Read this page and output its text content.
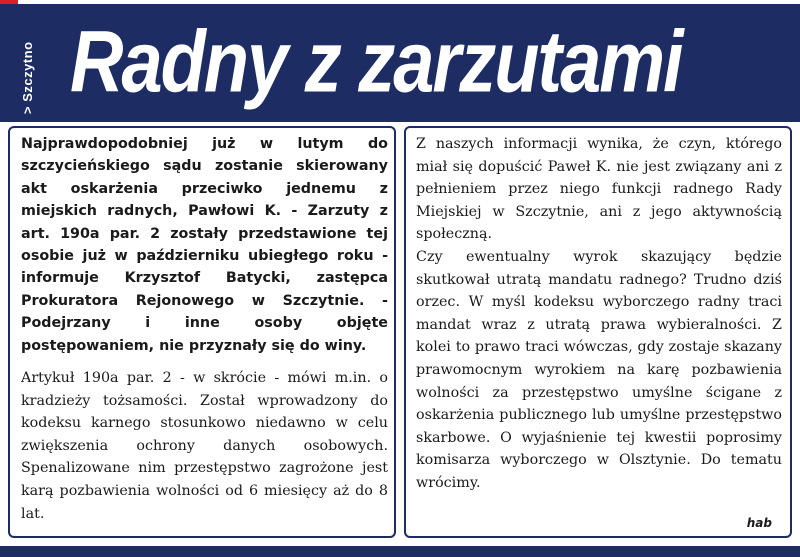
> Szczytno Radny z zarzutami

Najprawdopodobniej już w lutym do szczycieńskiego sądu zostanie skierowany akt oskarżenia przeciwko jednemu z miejskich radnych, Pawłowi K. - Zarzuty z art. 190a par. 2 zostały przedstawione tej osobie już w październiku ubiegłego roku - informuje Krzysztof Batycki, zastępca Prokuratora Rejonowego w Szczytnie. - Podejrzany i inne osoby objęte postępowaniem, nie przyznały się do winy.

Artykuł 190a par. 2 - w skrócie - mówi m.in. o kradzieży tożsamości. Został wprowadzony do kodeksu karnego stosunkowo niedawno w celu zwiększenia ochrony danych osobowych. Spenalizowane nim przestępstwo zagrożone jest karą pozbawienia wolności od 6 miesięcy aż do 8 lat.

Z naszych informacji wynika, że czyn, którego miał się dopuścić Paweł K. nie jest związany ani z pełnieniem przez niego funkcji radnego Rady Miejskiej w Szczytnie, ani z jego aktywnością społeczną.

Czy ewentualny wyrok skazujący będzie skutkował utratą mandatu radnego? Trudno dziś orzec. W myśl kodeksu wyborczego radny traci mandat wraz z utratą prawa wybieralności. Z kolei to prawo traci wówczas, gdy zostaje skazany prawomocnym wyrokiem na karę pozbawienia wolności za przestępstwo umyślne ścigane z oskarżenia publicznego lub umyślne przestępstwo skarbowe. O wyjaśnienie tej kwestii poprosimy komisarza wyborczego w Olsztynie. Do tematu wrócimy.

hab
